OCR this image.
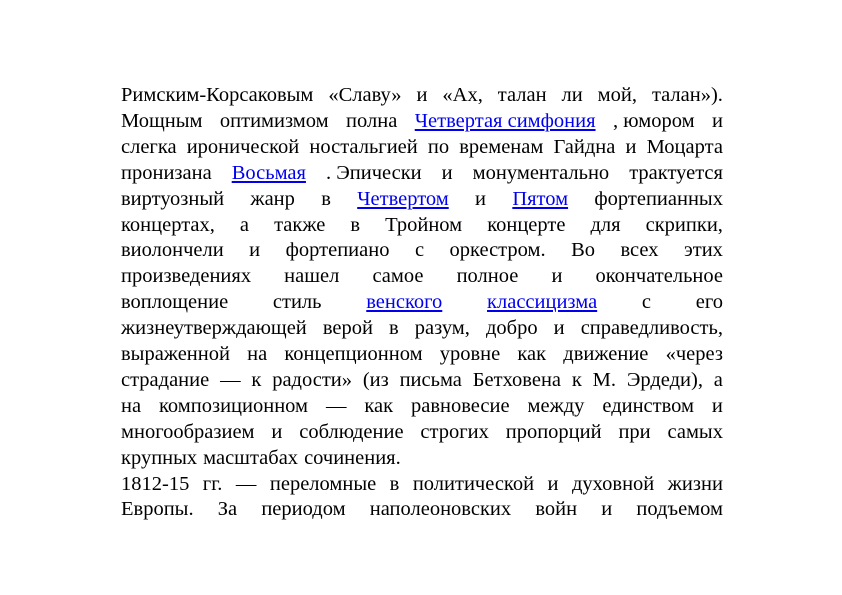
Римским-Корсаковым «Славу» и «Ах, талан ли мой, талан»).
Мощным оптимизмом полна Четвертая симфония , юмором и
слегка иронической ностальгией по временам Гайдна и Моцарта
пронизана Восьмая . Эпически и монументально трактуется
виртуозный жанр в Четвертом и Пятом фортепианных
концертах, а также в Тройном концерте для скрипки,
виолончели и фортепиано с оркестром. Во всех этих
произведениях нашел самое полное и окончательное
воплощение стиль венского классицизма с его
жизнеутверждающей верой в разум, добро и справедливость,
выраженной на концепционном уровне как движение «через
страдание — к радости» (из письма Бетховена к М. Эрдеди), а
на композиционном — как равновесие между единством и
многообразием и соблюдение строгих пропорций при самых
крупных масштабах сочинения.
1812-15 гг. — переломные в политической и духовной жизни
Европы. За периодом наполеоновских войн и подъемом
